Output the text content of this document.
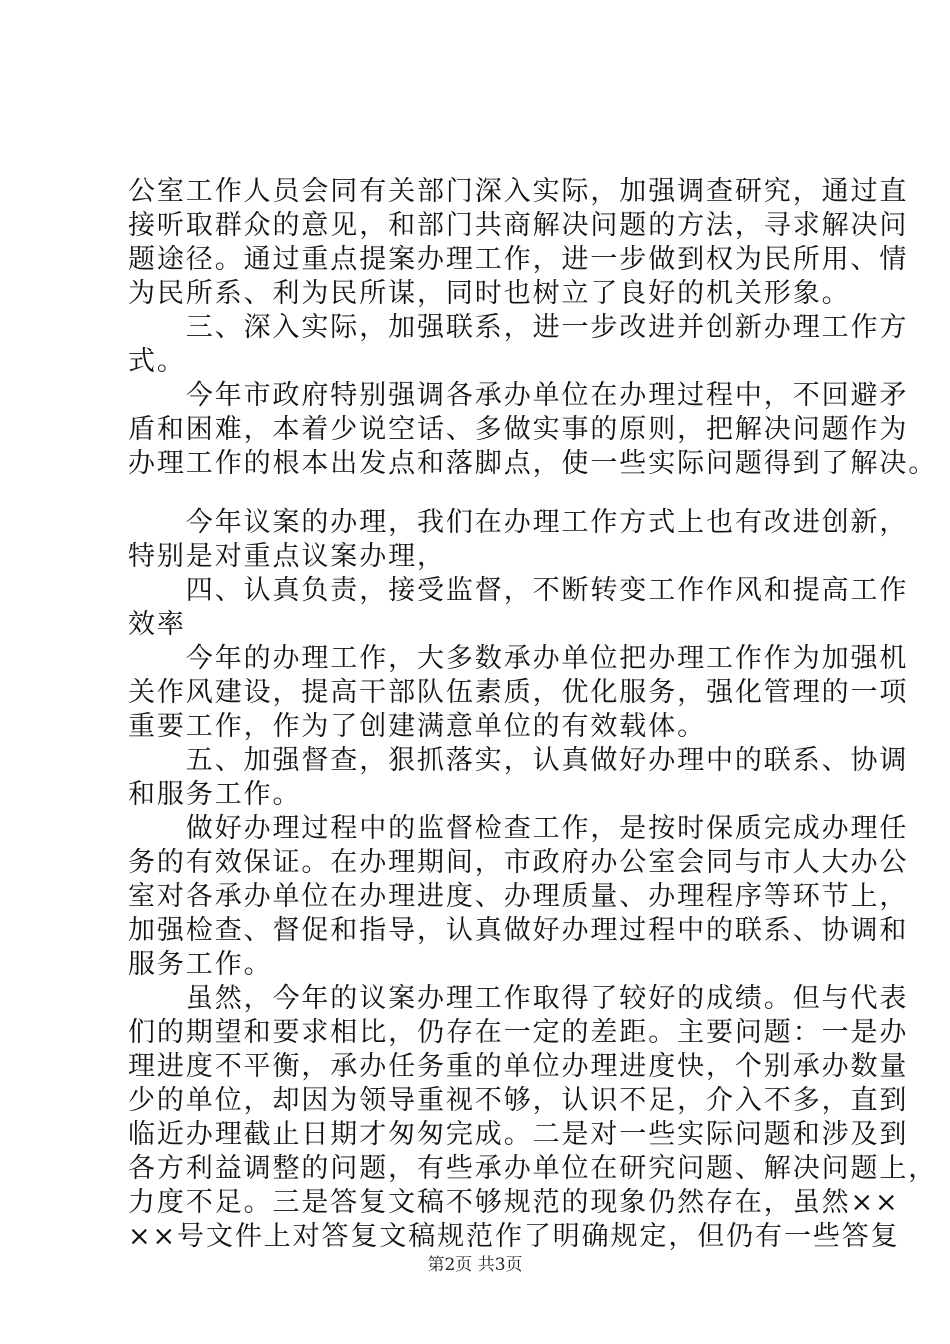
公室工作人员会同有关部门深入实际，加强调查研究，通过直
接听取群众的意见，和部门共商解决问题的方法，寻求解决问
题途径。通过重点提案办理工作，进一步做到权为民所用、情
为民所系、利为民所谋，同时也树立了良好的机关形象。
　　三、深入实际，加强联系，进一步改进并创新办理工作方
式。
　　今年市政府特别强调各承办单位在办理过程中，不回避矛
盾和困难，本着少说空话、多做实事的原则，把解决问题作为
办理工作的根本出发点和落脚点，使一些实际问题得到了解决。
　　今年议案的办理，我们在办理工作方式上也有改进创新，
特别是对重点议案办理，
　　四、认真负责，接受监督，不断转变工作作风和提高工作
效率
　　今年的办理工作，大多数承办单位把办理工作作为加强机
关作风建设，提高干部队伍素质，优化服务，强化管理的一项
重要工作，作为了创建满意单位的有效载体。
　　五、加强督查，狠抓落实，认真做好办理中的联系、协调
和服务工作。
　　做好办理过程中的监督检查工作，是按时保质完成办理任
务的有效保证。在办理期间，市政府办公室会同与市人大办公
室对各承办单位在办理进度、办理质量、办理程序等环节上，
加强检查、督促和指导，认真做好办理过程中的联系、协调和
服务工作。
　　虽然，今年的议案办理工作取得了较好的成绩。但与代表
们的期望和要求相比，仍存在一定的差距。主要问题：一是办
理进度不平衡，承办任务重的单位办理进度快，个别承办数量
少的单位，却因为领导重视不够，认识不足，介入不多，直到
临近办理截止日期才匆匆完成。二是对一些实际问题和涉及到
各方利益调整的问题，有些承办单位在研究问题、解决问题上，
力度不足。三是答复文稿不够规范的现象仍然存在，虽然××
××号文件上对答复文稿规范作了明确规定，但仍有一些答复
第2页 共3页
